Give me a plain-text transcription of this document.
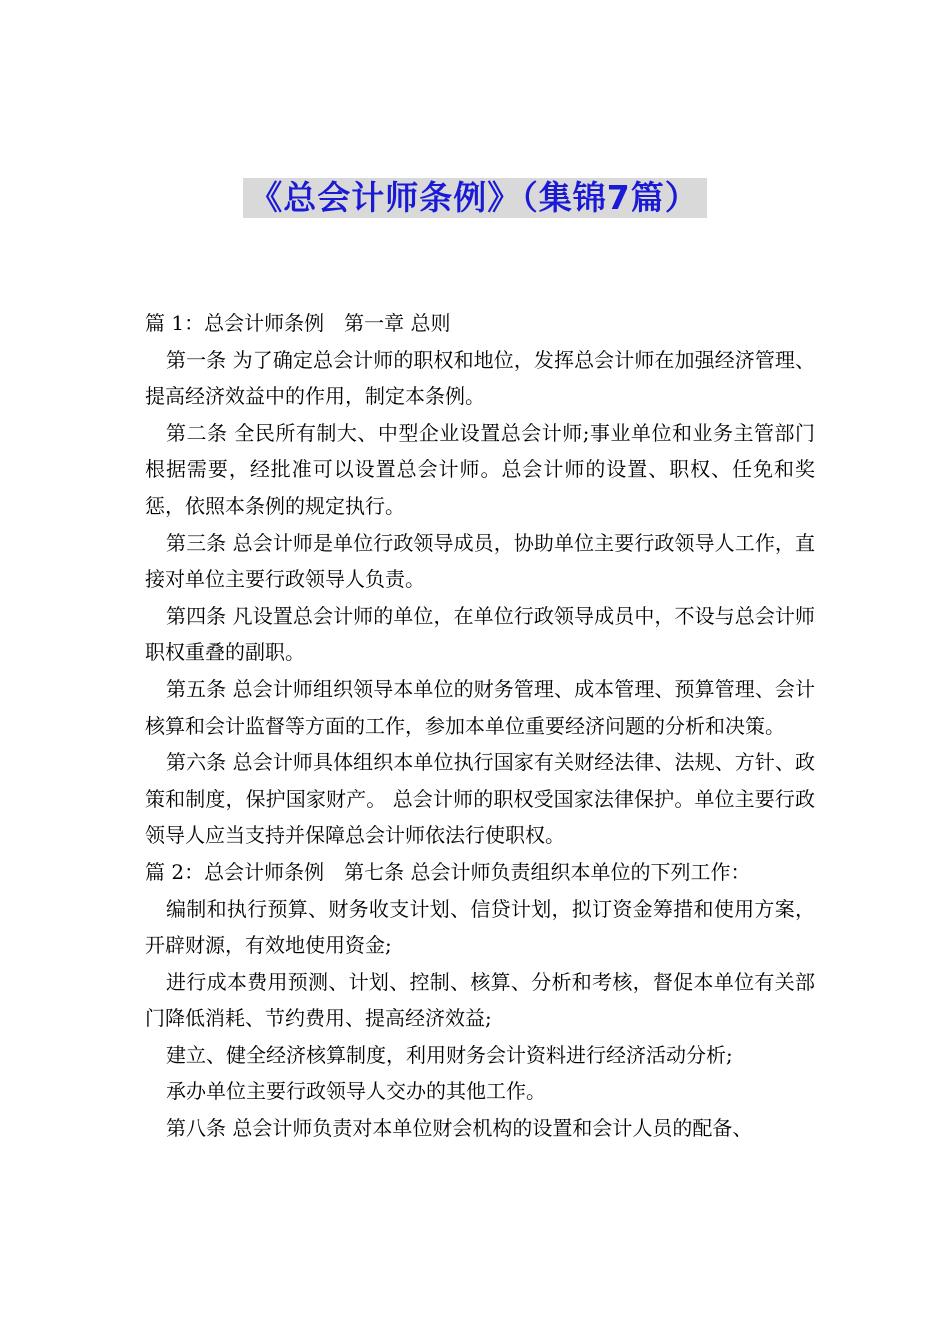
《总会计师条例》（集锦7篇）

篇 1：总会计师条例　第一章 总则

第一条 为了确定总会计师的职权和地位，发挥总会计师在加强经济管理、提高经济效益中的作用，制定本条例。

第二条 全民所有制大、中型企业设置总会计师;事业单位和业务主管部门根据需要，经批准可以设置总会计师。总会计师的设置、职权、任免和奖惩，依照本条例的规定执行。

第三条 总会计师是单位行政领导成员，协助单位主要行政领导人工作，直接对单位主要行政领导人负责。

第四条 凡设置总会计师的单位，在单位行政领导成员中，不设与总会计师职权重叠的副职。

第五条 总会计师组织领导本单位的财务管理、成本管理、预算管理、会计核算和会计监督等方面的工作，参加本单位重要经济问题的分析和决策。

第六条 总会计师具体组织本单位执行国家有关财经法律、法规、方针、政策和制度，保护国家财产。 总会计师的职权受国家法律保护。单位主要行政领导人应当支持并保障总会计师依法行使职权。

篇 2：总会计师条例　第七条 总会计师负责组织本单位的下列工作：

编制和执行预算、财务收支计划、信贷计划，拟订资金筹措和使用方案，开辟财源，有效地使用资金;

进行成本费用预测、计划、控制、核算、分析和考核，督促本单位有关部门降低消耗、节约费用、提高经济效益;

建立、健全经济核算制度，利用财务会计资料进行经济活动分析;

承办单位主要行政领导人交办的其他工作。

第八条 总会计师负责对本单位财会机构的设置和会计人员的配备、
